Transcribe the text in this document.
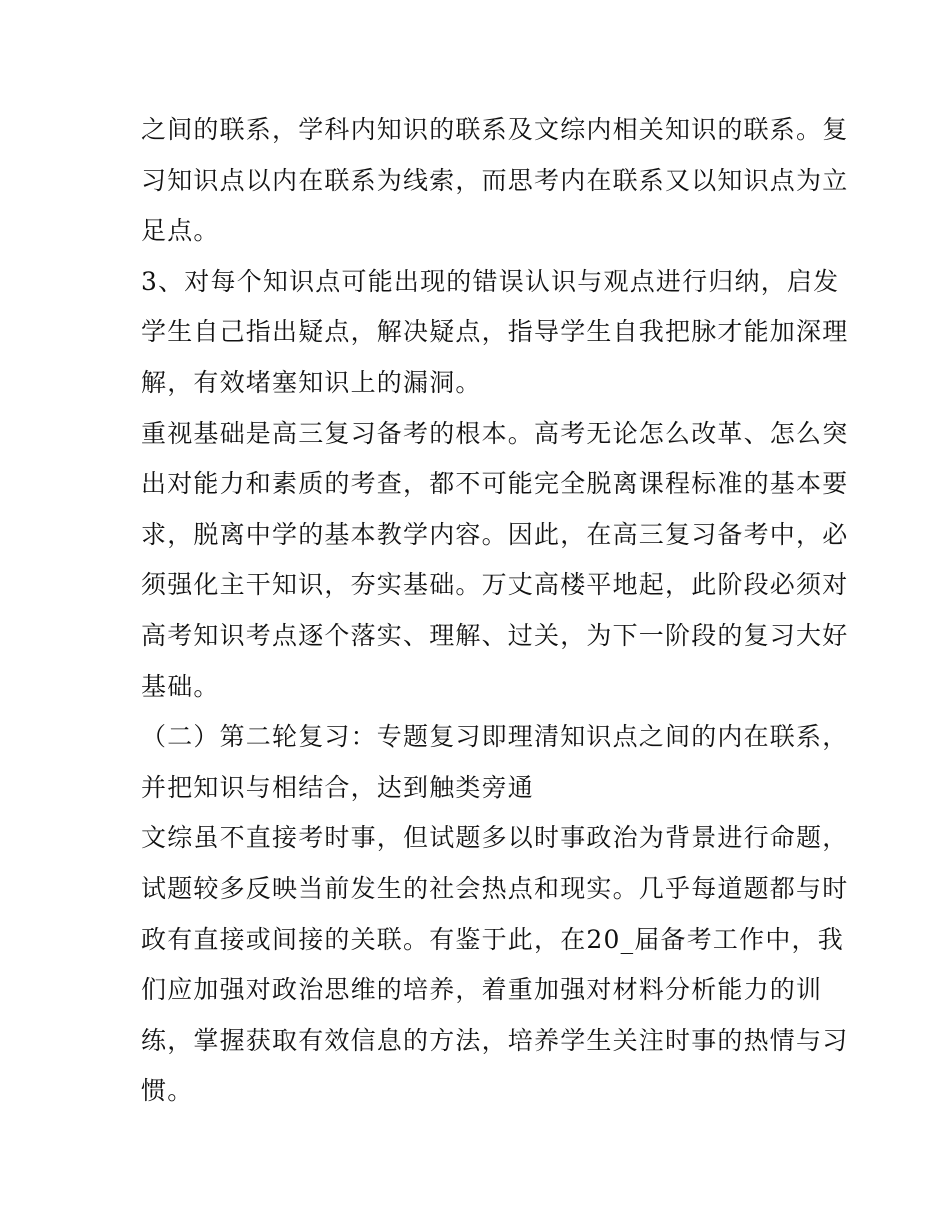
之间的联系，学科内知识的联系及文综内相关知识的联系。复
习知识点以内在联系为线索，而思考内在联系又以知识点为立
足点。
3、对每个知识点可能出现的错误认识与观点进行归纳，启发
学生自己指出疑点，解决疑点，指导学生自我把脉才能加深理
解，有效堵塞知识上的漏洞。
重视基础是高三复习备考的根本。高考无论怎么改革、怎么突
出对能力和素质的考查，都不可能完全脱离课程标准的基本要
求，脱离中学的基本教学内容。因此，在高三复习备考中，必
须强化主干知识，夯实基础。万丈高楼平地起，此阶段必须对
高考知识考点逐个落实、理解、过关，为下一阶段的复习大好
基础。
（二）第二轮复习：专题复习即理清知识点之间的内在联系，
并把知识与相结合，达到触类旁通
文综虽不直接考时事，但试题多以时事政治为背景进行命题，
试题较多反映当前发生的社会热点和现实。几乎每道题都与时
政有直接或间接的关联。有鉴于此，在20_届备考工作中，我
们应加强对政治思维的培养，着重加强对材料分析能力的训
练，掌握获取有效信息的方法，培养学生关注时事的热情与习
惯。
